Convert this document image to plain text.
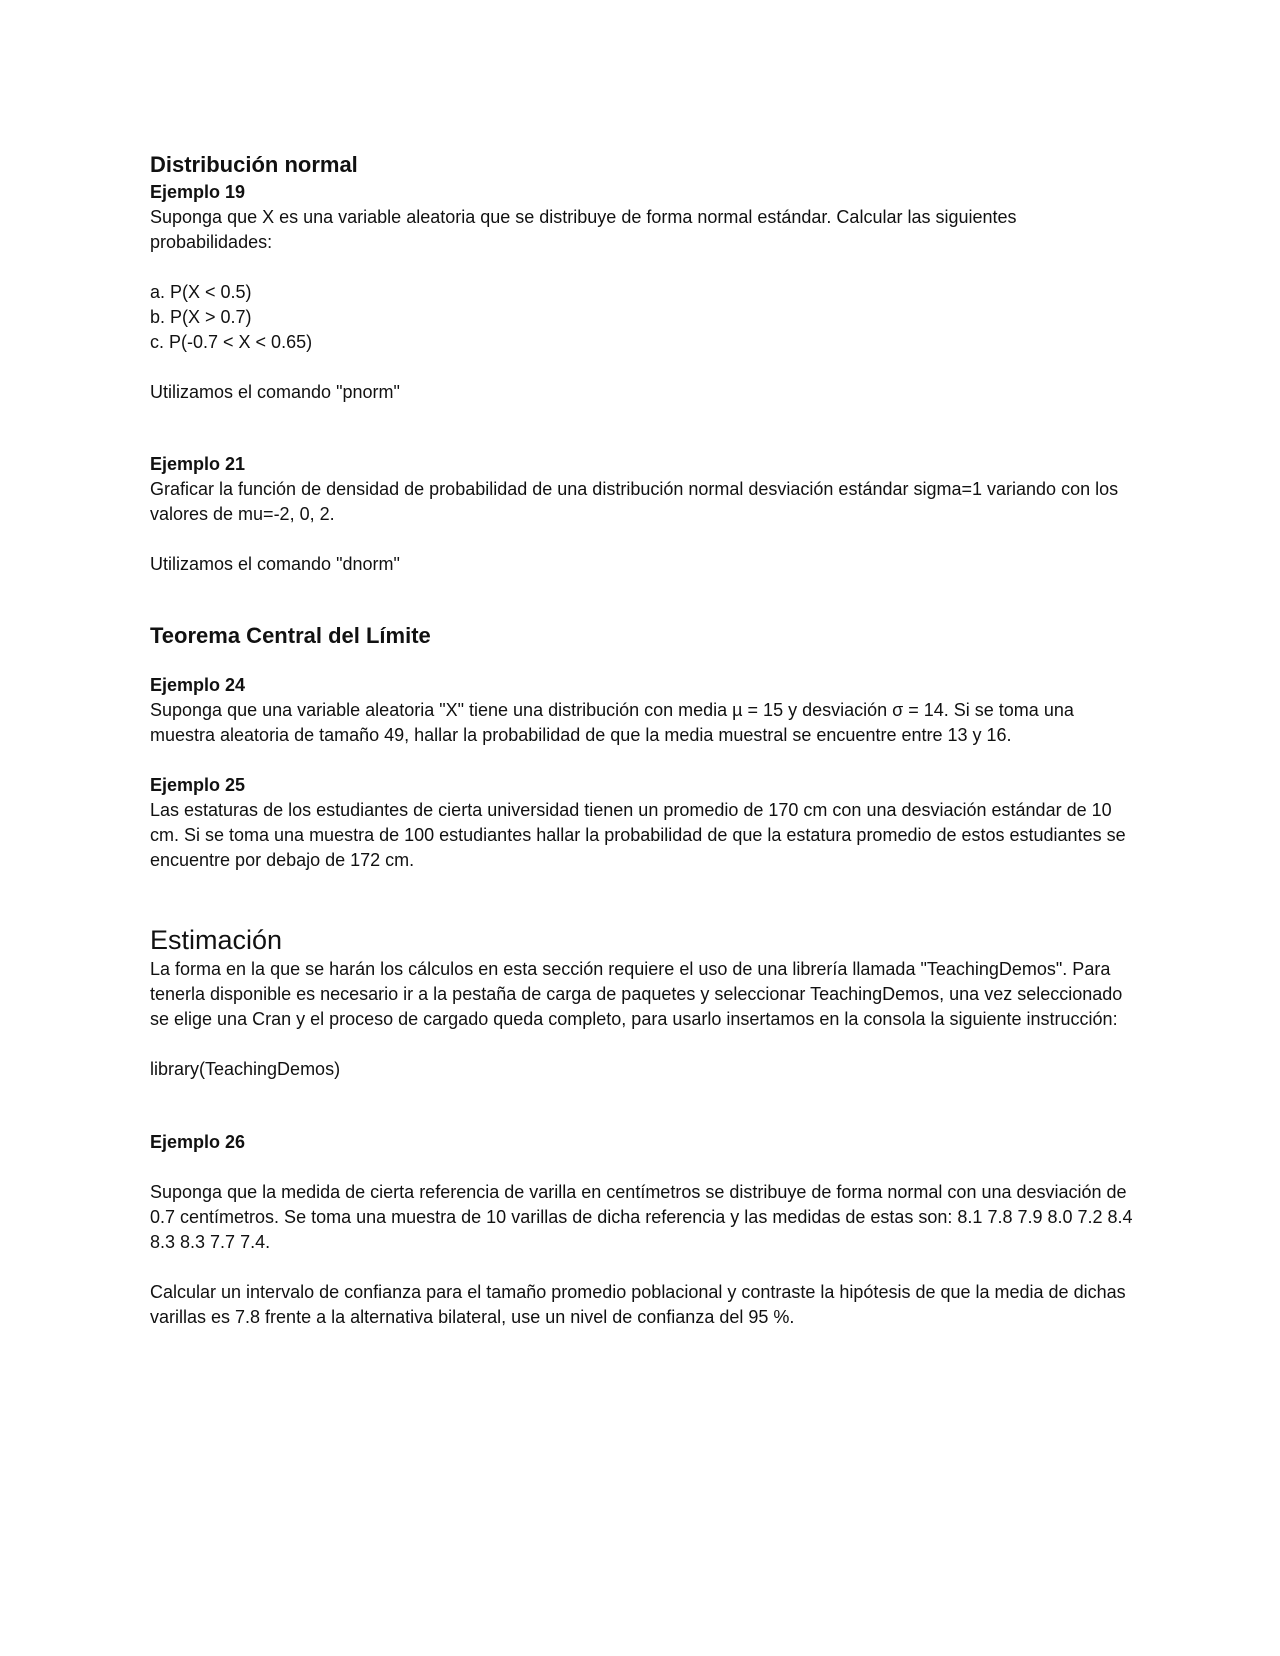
Distribución normal
Ejemplo 19

Suponga que X es una variable aleatoria que se distribuye de forma normal estándar. Calcular las siguientes probabilidades:

a. P(X < 0.5)

b. P(X > 0.7)

c. P(-0.7 < X < 0.65)

Utilizamos el comando "pnorm"

Ejemplo 21

Graficar la función de densidad de probabilidad de una distribución normal desviación estándar sigma=1 variando con los valores de mu=-2, 0, 2.

Utilizamos el comando "dnorm"

Teorema Central del Límite
Ejemplo 24

Suponga que una variable aleatoria "X" tiene una distribución con media µ = 15 y desviación σ = 14. Si se toma una muestra aleatoria de tamaño 49, hallar la probabilidad de que la media muestral se encuentre entre 13 y 16.

Ejemplo 25

Las estaturas de los estudiantes de cierta universidad tienen un promedio de 170 cm con una desviación estándar de 10 cm. Si se toma una muestra de 100 estudiantes hallar la probabilidad de que la estatura promedio de estos estudiantes se encuentre por debajo de 172 cm.

Estimación

La forma en la que se harán los cálculos en esta sección requiere el uso de una librería llamada "TeachingDemos". Para tenerla disponible es necesario ir a la pestaña de carga de paquetes y seleccionar TeachingDemos, una vez seleccionado se elige una Cran y el proceso de cargado queda completo, para usarlo insertamos en la consola la siguiente instrucción:

library(TeachingDemos)

Ejemplo 26

Suponga que la medida de cierta referencia de varilla en centímetros se distribuye de forma normal con una desviación de 0.7 centímetros. Se toma una muestra de 10 varillas de dicha referencia y las medidas de estas son: 8.1 7.8 7.9 8.0 7.2 8.4 8.3 8.3 7.7 7.4.

Calcular un intervalo de confianza para el tamaño promedio poblacional y contraste la hipótesis de que la media de dichas varillas es 7.8 frente a la alternativa bilateral, use un nivel de confianza del 95 %.
